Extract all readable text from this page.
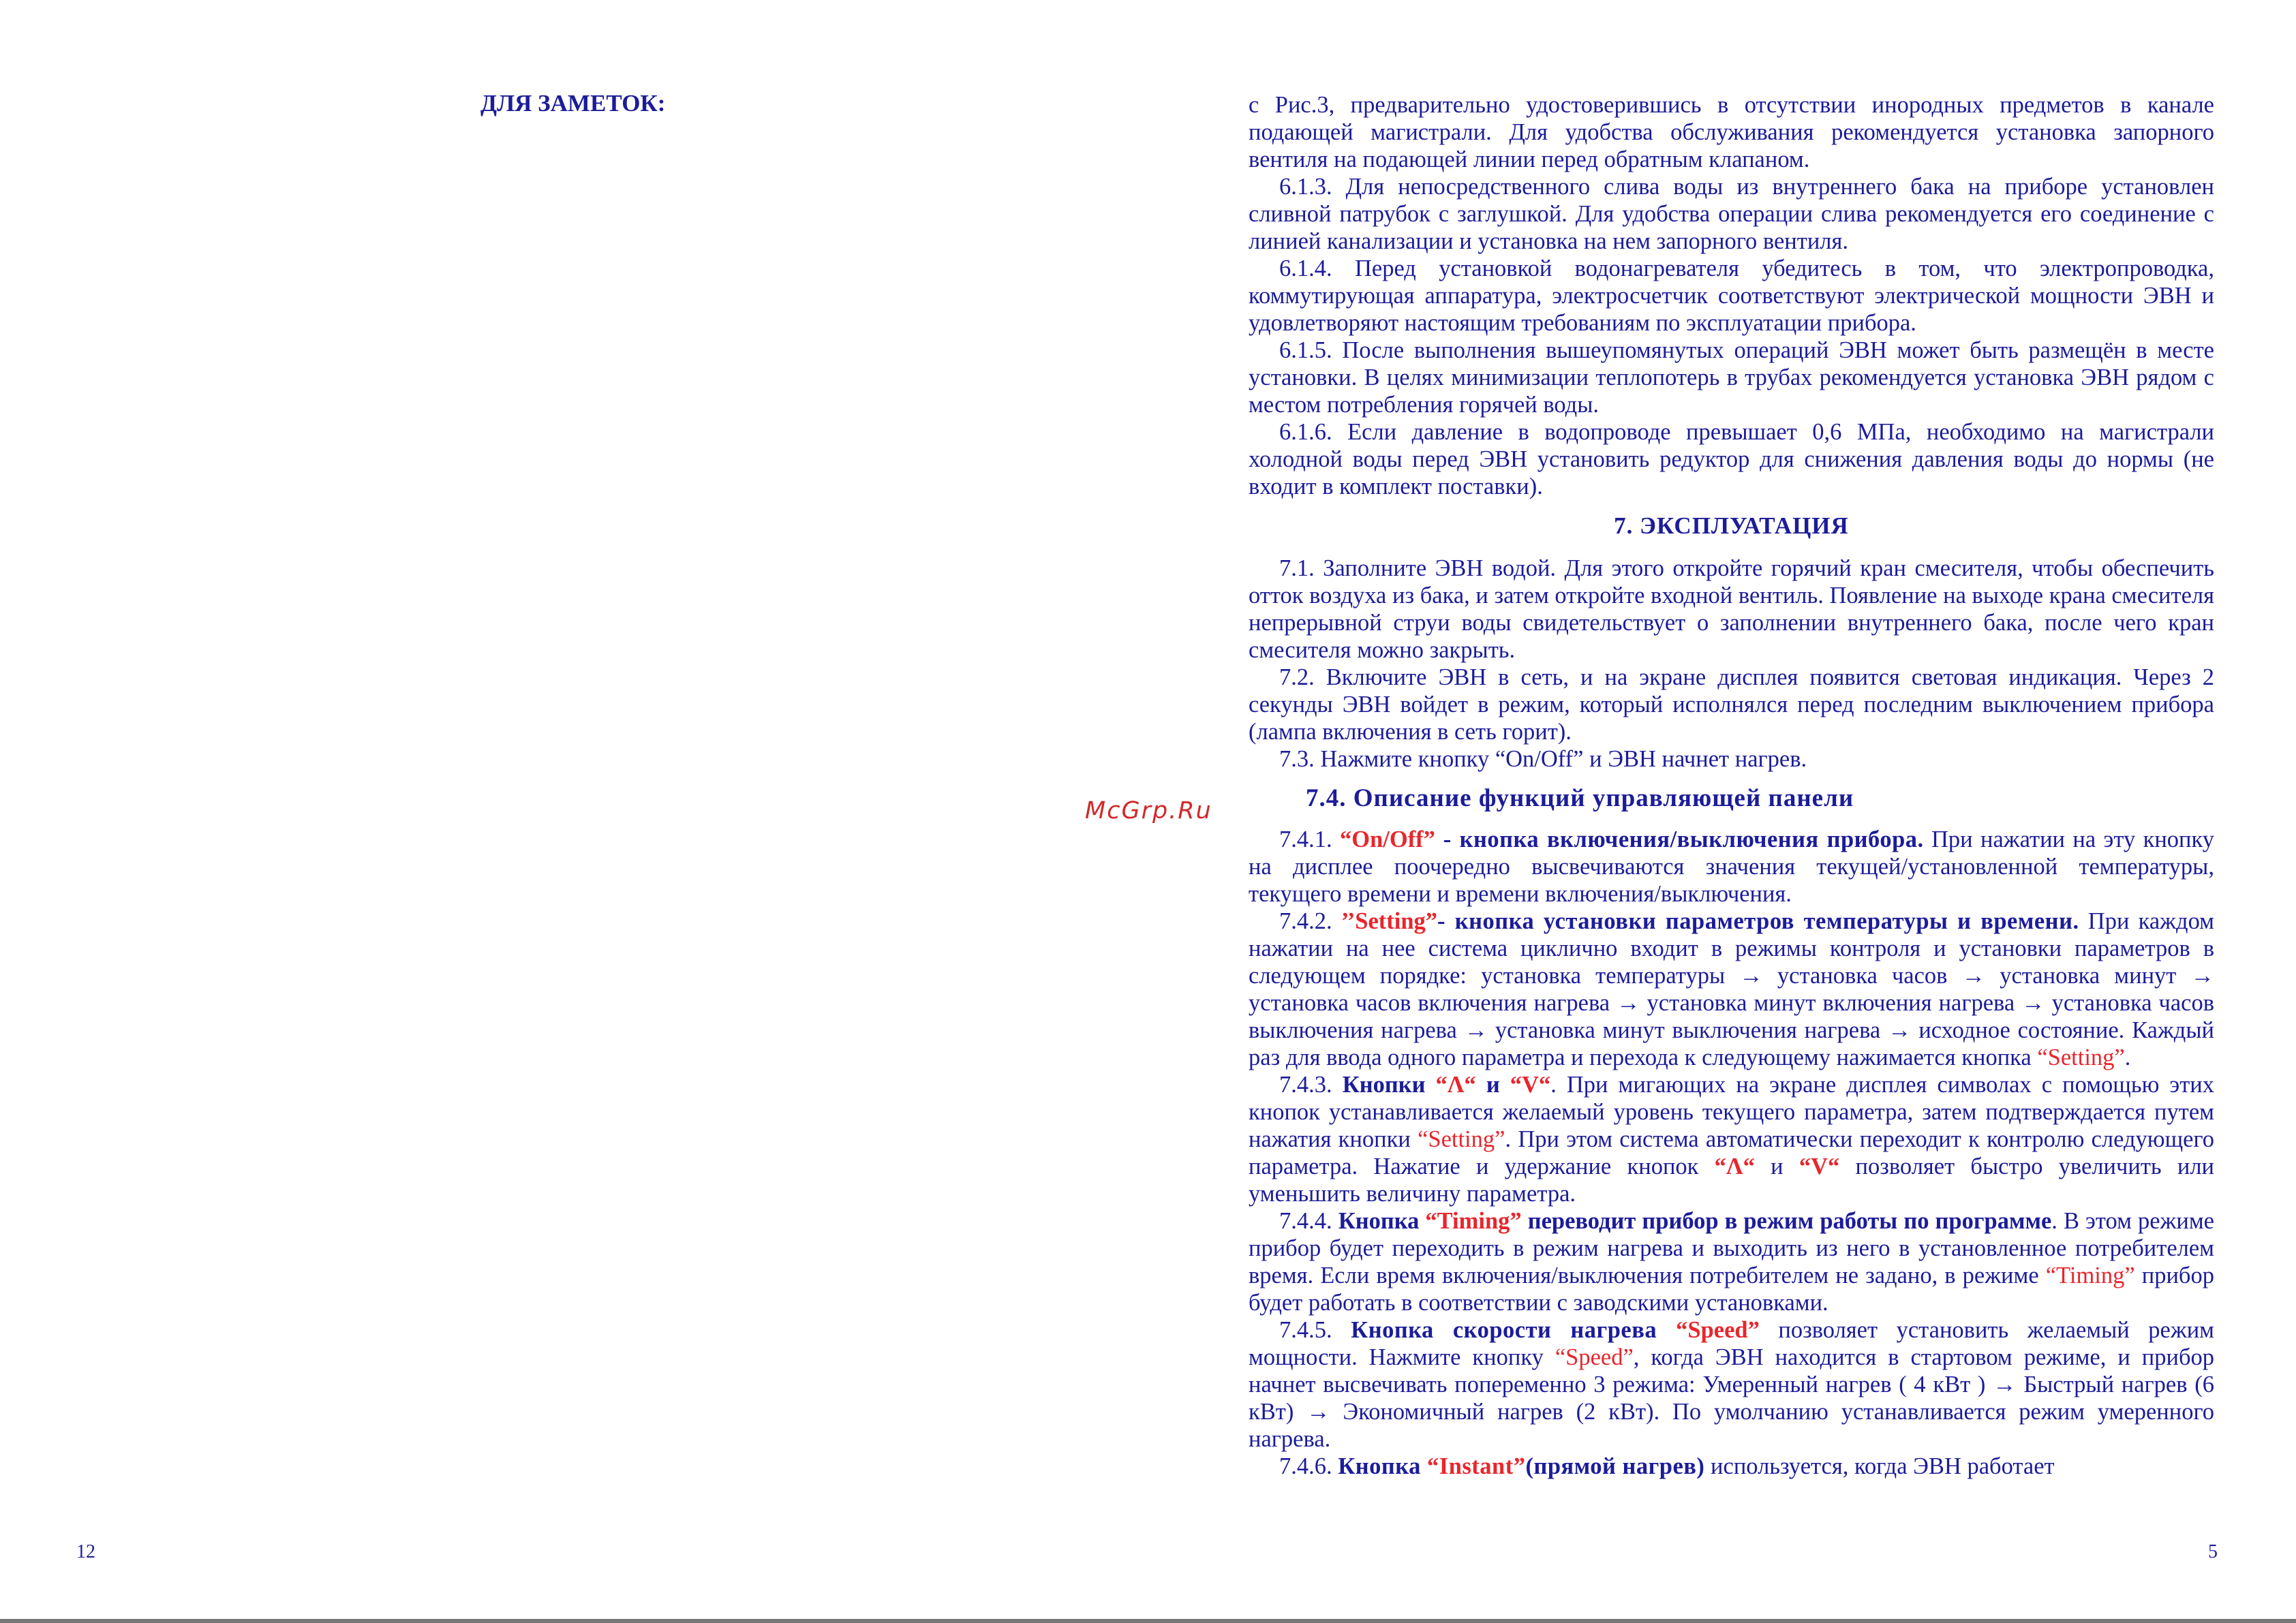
ДЛЯ ЗАМЕТОК:
McGrp.Ru

с Рис.3, предварительно удостоверившись в отсутствии инородных предметов в канале подающей магистрали. Для удобства обслуживания рекомендуется установка запорного вентиля на подающей линии перед обратным клапаном.

6.1.3. Для непосредственного слива воды из внутреннего бака на приборе установлен сливной патрубок с заглушкой. Для удобства операции слива рекомендуется его соединение с линией канализации и установка на нем запорного вентиля.

6.1.4. Перед установкой водонагревателя убедитесь в том, что электропроводка, коммутирующая аппаратура, электросчетчик соответствуют электрической мощности ЭВН и удовлетворяют настоящим требованиям по эксплуатации прибора.

6.1.5. После выполнения вышеупомянутых операций ЭВН может быть размещён в месте установки. В целях минимизации теплопотерь в трубах рекомендуется установка ЭВН рядом с местом потребления горячей воды.

6.1.6. Если давление в водопроводе превышает 0,6 МПа, необходимо на магистрали холодной воды перед ЭВН установить редуктор для снижения давления воды до нормы (не входит в комплект поставки).

7. ЭКСПЛУАТАЦИЯ

7.1. Заполните ЭВН водой. Для этого откройте горячий кран смесителя, чтобы обеспечить отток воздуха из бака, и затем откройте входной вентиль. Появление на выходе крана смесителя непрерывной струи воды свидетельствует о заполнении внутреннего бака, после чего кран смесителя можно закрыть.

7.2. Включите ЭВН в сеть, и на экране дисплея появится световая индикация. Через 2 секунды ЭВН войдет в режим, который исполнялся перед последним выключением прибора (лампа включения в сеть горит).

7.3. Нажмите кнопку “On/Off” и ЭВН начнет нагрев.

7.4. Описание функций управляющей панели

7.4.1. “On/Off” - кнопка включения/выключения прибора. При нажатии на эту кнопку на дисплее поочередно высвечиваются значения текущей/установленной температуры, текущего времени и времени включения/выключения.

7.4.2. ’’Setting”- кнопка установки параметров температуры и времени. При каждом нажатии на нее система циклично входит в режимы контроля и установки параметров в следующем порядке: установка температуры → установка часов → установка минут → установка часов включения нагрева → установка минут включения нагрева → установка часов выключения нагрева → установка минут выключения нагрева → исходное состояние. Каждый раз для ввода одного параметра и перехода к следующему нажимается кнопка “Setting”.

7.4.3. Кнопки “Λ“ и “V“. При мигающих на экране дисплея символах с помощью этих кнопок устанавливается желаемый уровень текущего параметра, затем подтверждается путем нажатия кнопки “Setting”. При этом система автоматически переходит к контролю следующего параметра. Нажатие и удержание кнопок “Λ“ и “V“ позволяет быстро увеличить или уменьшить величину параметра.

7.4.4. Кнопка “Timing” переводит прибор в режим работы по программе. В этом режиме прибор будет переходить в режим нагрева и выходить из него в установленное потребителем время. Если время включения/выключения потребителем не задано, в режиме “Timing” прибор будет работать в соответствии с заводскими установками.

7.4.5. Кнопка скорости нагрева “Speed” позволяет установить желаемый режим мощности. Нажмите кнопку “Speed”, когда ЭВН находится в стартовом режиме, и прибор начнет высвечивать попеременно 3 режима: Умеренный нагрев ( 4 кВт ) → Быстрый нагрев (6 кВт) → Экономичный нагрев (2 кВт). По умолчанию устанавливается режим умеренного нагрева.

7.4.6. Кнопка “Instant”(прямой нагрев) используется, когда ЭВН работает

12	5
